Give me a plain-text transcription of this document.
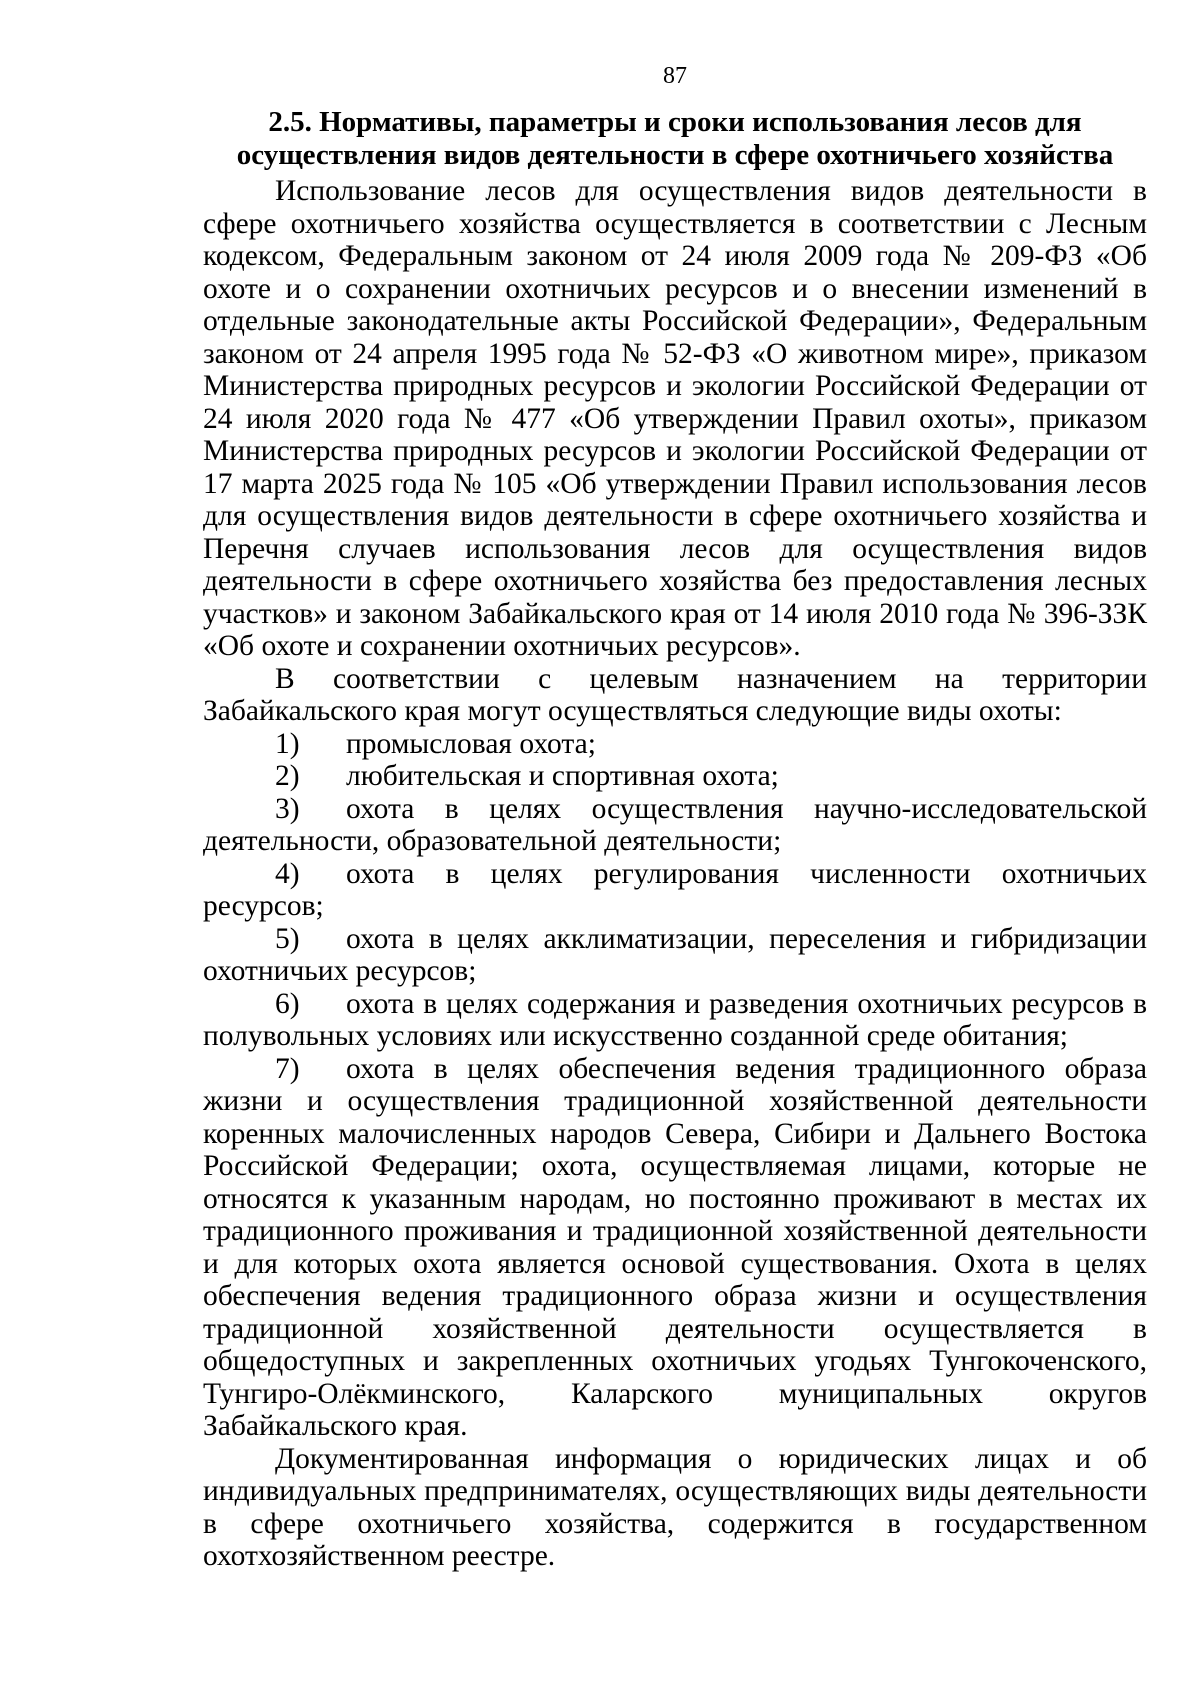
87
2.5. Нормативы, параметры и сроки использования лесов для
осуществления видов деятельности в сфере охотничьего хозяйства

Использование лесов для осуществления видов деятельности в сфере охотничьего хозяйства осуществляется в соответствии с Лесным кодексом, Федеральным законом от 24 июля 2009 года № 209-ФЗ «Об охоте и о сохранении охотничьих ресурсов и о внесении изменений в отдельные законодательные акты Российской Федерации», Федеральным законом от 24 апреля 1995 года № 52-ФЗ «О животном мире», приказом Министерства природных ресурсов и экологии Российской Федерации от 24 июля 2020 года № 477 «Об утверждении Правил охоты», приказом Министерства природных ресурсов и экологии Российской Федерации от 17 марта 2025 года № 105 «Об утверждении Правил использования лесов для осуществления видов деятельности в сфере охотничьего хозяйства и Перечня случаев использования лесов для осуществления видов деятельности в сфере охотничьего хозяйства без предоставления лесных участков» и законом Забайкальского края от 14 июля 2010 года № 396-ЗЗК «Об охоте и сохранении охотничьих ресурсов».

В соответствии с целевым назначением на территории Забайкальского края могут осуществляться следующие виды охоты:

1) промысловая охота;

2) любительская и спортивная охота;

3) охота в целях осуществления научно-исследовательской деятельности, образовательной деятельности;

4) охота в целях регулирования численности охотничьих ресурсов;

5) охота в целях акклиматизации, переселения и гибридизации охотничьих ресурсов;

6) охота в целях содержания и разведения охотничьих ресурсов в полувольных условиях или искусственно созданной среде обитания;

7) охота в целях обеспечения ведения традиционного образа жизни и осуществления традиционной хозяйственной деятельности коренных малочисленных народов Севера, Сибири и Дальнего Востока Российской Федерации; охота, осуществляемая лицами, которые не относятся к указанным народам, но постоянно проживают в местах их традиционного проживания и традиционной хозяйственной деятельности и для которых охота является основой существования. Охота в целях обеспечения ведения традиционного образа жизни и осуществления традиционной хозяйственной деятельности осуществляется в общедоступных и закрепленных охотничьих угодьях Тунгокоченского, Тунгиро-Олёкминского, Каларского муниципальных округов Забайкальского края.

Документированная информация о юридических лицах и об индивидуальных предпринимателях, осуществляющих виды деятельности в сфере охотничьего хозяйства, содержится в государственном охотхозяйственном реестре.
